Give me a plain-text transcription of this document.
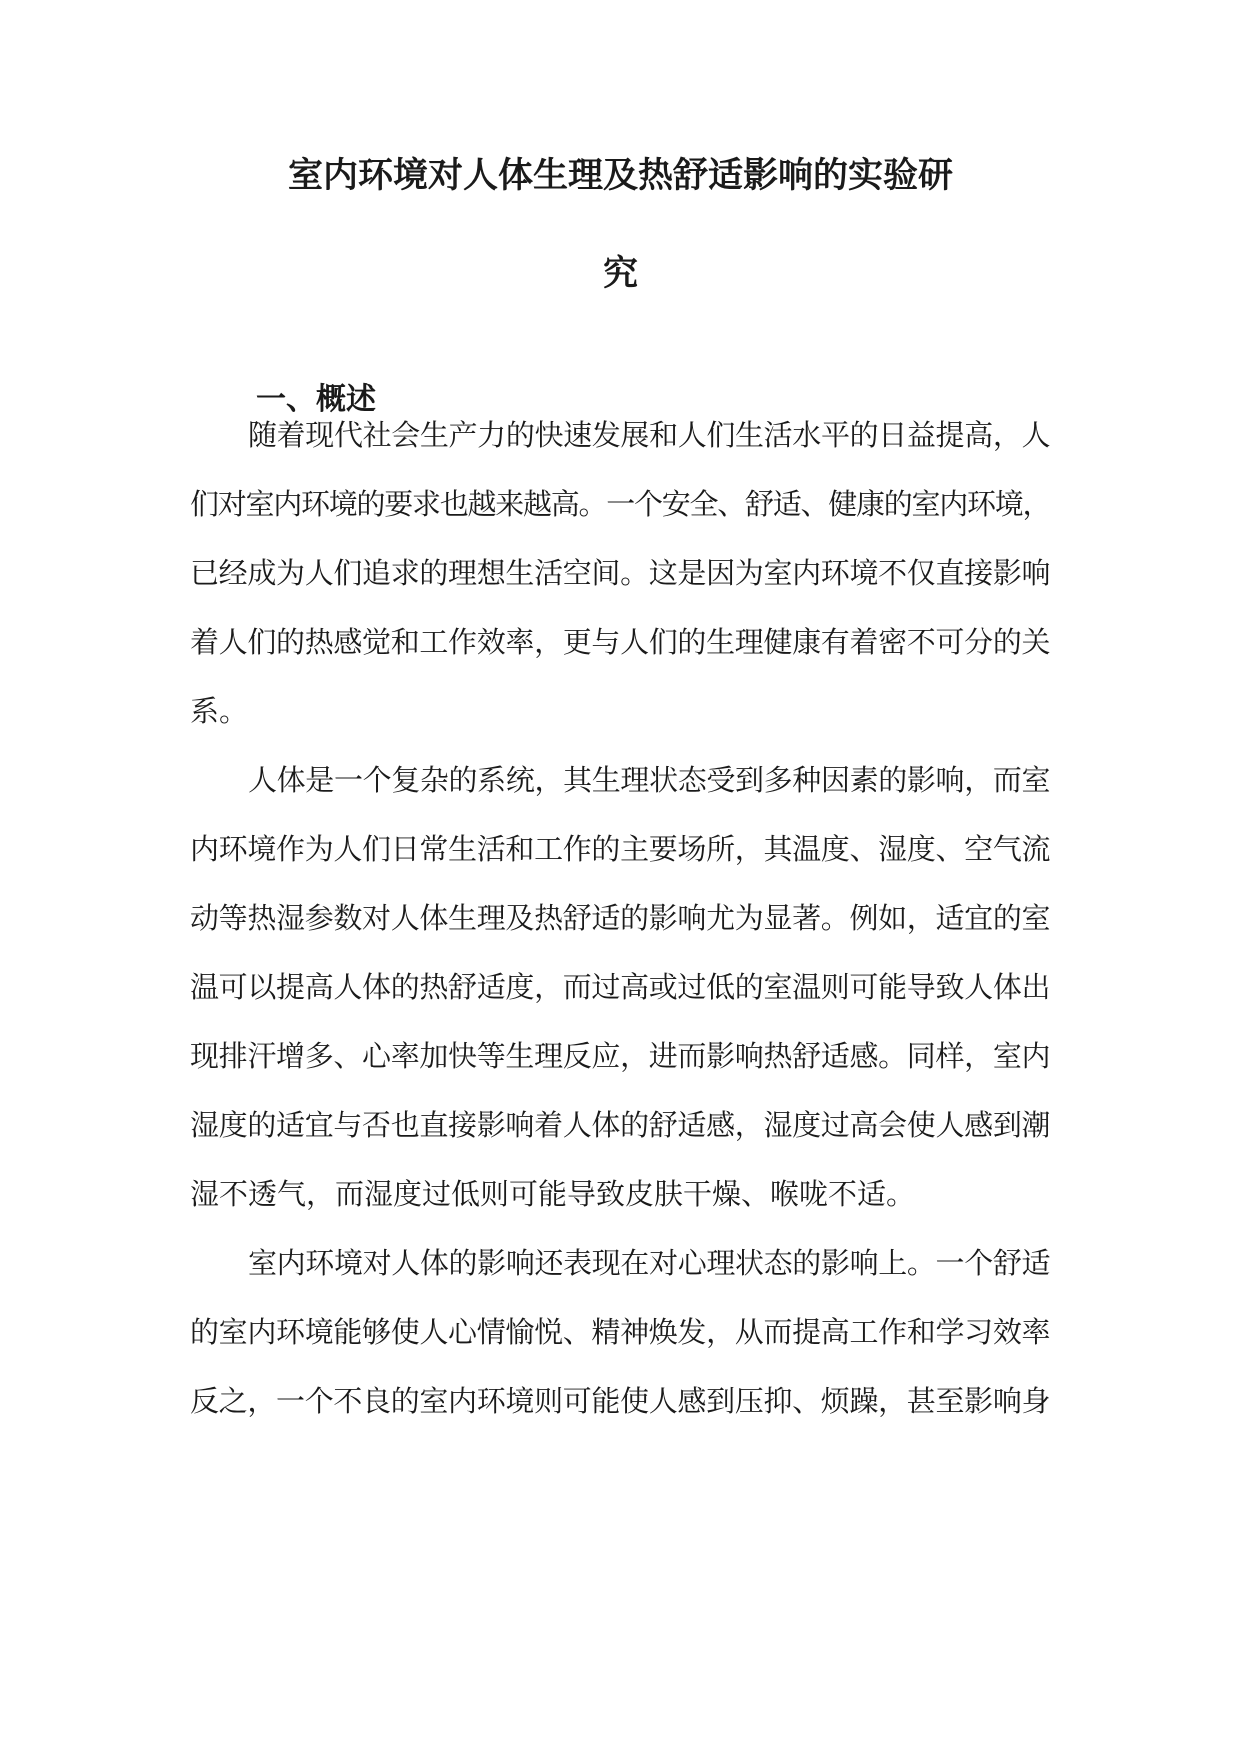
室内环境对人体生理及热舒适影响的实验研
究
一、概述
随着现代社会生产力的快速发展和人们生活水平的日益提高，人
们对室内环境的要求也越来越高。一个安全、舒适、健康的室内环境，
已经成为人们追求的理想生活空间。这是因为室内环境不仅直接影响
着人们的热感觉和工作效率，更与人们的生理健康有着密不可分的关
系。
人体是一个复杂的系统，其生理状态受到多种因素的影响，而室
内环境作为人们日常生活和工作的主要场所，其温度、湿度、空气流
动等热湿参数对人体生理及热舒适的影响尤为显著。例如，适宜的室
温可以提高人体的热舒适度，而过高或过低的室温则可能导致人体出
现排汗增多、心率加快等生理反应，进而影响热舒适感。同样，室内
湿度的适宜与否也直接影响着人体的舒适感，湿度过高会使人感到潮
湿不透气，而湿度过低则可能导致皮肤干燥、喉咙不适。
室内环境对人体的影响还表现在对心理状态的影响上。一个舒适
的室内环境能够使人心情愉悦、精神焕发，从而提高工作和学习效率
反之，一个不良的室内环境则可能使人感到压抑、烦躁，甚至影响身
